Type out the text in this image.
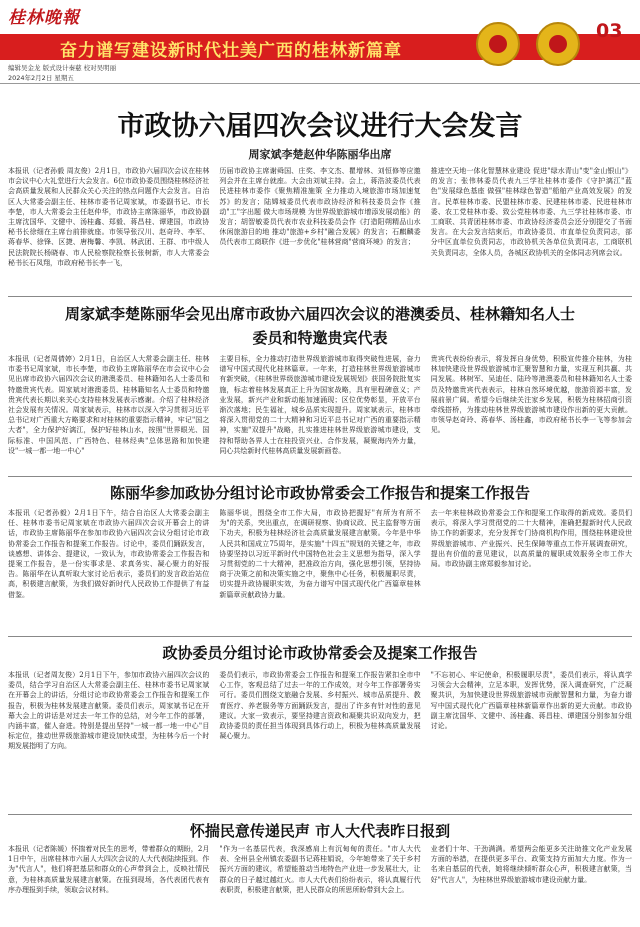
桂林晚報
奋力谱写建设新时代壮美广西的桂林新篇章
03
编辑吴金龙 版式设计秦慈 校对吴明丽
2024年2月2日 星期五
市政协六届四次会议进行大会发言
周家斌李楚赵仲华陈丽华出席
本报讯（记者孙毅 周友俊）2月1日，市政协六届四次会议在桂林市会议中心大礼堂进行大会发言。6位市政协委员围绕桂林经济社会高质量发展和人民群众关心关注的热点问题作大会发言。自治区人大常委会副主任、桂林市委书记周家斌，市委副书记、市长李楚，市人大常委会主任赵仲华，市政协主席陈丽华，市政协副主席沈国华、文健中、汤桂鑫、郑毅、蒋昌桂、谭建国，市政协秘书长徐细在主席台前排就座。市领导张汉川、赵奇玲、李军、蒋春华、徐锋、区捷、唐梅馨、李凯、林武团、王群、市中级人民法院院长杨晓春、市人民检察院检察长张树新，市人大常委会秘书长石凤翔，市政府秘书长李一飞，
历届市政协主席谢舜国、庄奖、李文杰、瞿增林、刘恒修等应邀列会并在主席台就座。大会由刘斌主持。会上，蒋浩波委员代表民进桂林市委作《聚焦精准施策 全力推动入境旅游市场加速复苏》的发言；陆嫦城委员代表市政协经济和科技委员会作《推动"工"字出题 做大市场规模 为世界级旅游城市增添发展动能》的发言；胡智敏委员代表市农业科技委员会作《打造阳朔精品山水休闲旅游目的地 推动"旅游+乡村"融合发展》的发言；石麒麟委员代表市工商联作《进一步优化"桂林营商"营商环境》的发言；
推进空天地一体化智慧林业建设 促进"绿水青山"变"金山银山"》的发言；张伟林委员代表九三学社桂林市委作《守护漓江"蓝色"发展绿色基座 做强"桂林绿色智造"船舶产业高效发展》的发言。民革桂林市委、民盟桂林市委、民建桂林市委、民进桂林市委、农工党桂林市委、致公党桂林市委、九三学社桂林市委、市工商联、共青团桂林市委、市政协经济委员会还分别提交了书面发言。在大会发言结束后，市政协委员、市直单位负责同志，部分中区直单位负责同志，市政协机关各单位负责同志，工商联机关负责同志，全体人员，各城区政协机关的全体同志列席会议。
周家斌李楚陈丽华会见出席市政协六届四次会议的港澳委员、桂林籍知名人士委员和特邀贵宾代表
本报讯（记者周倩婷）2月1日，自治区人大常委会副主任、桂林市委书记周家斌，市长李楚，市政协主席陈丽华在市会议中心会见出席市政协六届四次会议的港澳委员、桂林籍知名人士委员和特邀贵宾代表。周家斌对港澳委员、桂林籍知名人士委员和特邀贵宾代表长期以来关心支持桂林发展表示感谢。介绍了桂林经济社会发展有关情况。周家斌表示，桂林市以深入学习贯彻习近平总书记对广西重大方略要求和对桂林的重要指示精神，牢记"国之大者"，全力保护好漓江，保护好桂林山水，按照"世界眼光、国际标准、中国风范、广西特色、桂林经典"总体思路和加快建设"一城一都一地一中心"
主要目标，全力推动打造世界级旅游城市取得突破性进展，奋力谱写中国式现代化桂林篇章。一年来，打造桂林世界级旅游城市有新突破，《桂林世界级旅游城市建设发展规划》获国务院批复实施，标志着桂林发展真正上升为国家战略，具有里程碑意义；产业发展，新兴产业和新动能加速涌现；区位优势彰显，开放平台渐次落地；民生福祉，城乡品质实现提升。周家斌表示，桂林市将深入贯彻党的二十大精神和习近平总书记对广西的重要指示精神，实施"双提升"战略，扎实推进桂林世界级旅游城市建设，支持和帮助各界人士在桂投资兴业、合作发展，凝聚海内外力量，同心共绘新时代桂林高质量发展新画卷。
贵宾代表纷纷表示，将发挥自身优势，积极宣传推介桂林，为桂林加快建设世界级旅游城市汇聚智慧和力量，实现互利共赢、共同发展。林树军、吴迪任、陆玲等港澳委员和桂林籍知名人士委员及特邀贵宾代表表示，桂林自然环境优越，旅游资源丰富，发展前景广阔。希望今后继续关注家乡发展，积极为桂林招商引资牵线搭桥，为推动桂林世界级旅游城市建设作出新的更大贡献。市领导赵奇玲、蒋春华、汤桂鑫，市政府秘书长李一飞等参加会见。
陈丽华参加政协分组讨论市政协常委会工作报告和提案工作报告
本报讯（记者孙毅）2月1日下午，结合自治区人大常委会副主任、桂林市委书记周家斌在市政协六届四次会议开幕会上的讲话，市政协主席陈丽华在参加市政协六届四次会议分组讨论市政协常委会工作报告和提案工作报告。讨论中，委员们踊跃发言，谈感想、讲体会、提建议，一致认为，市政协常委会工作报告和提案工作报告，是一份实事求是、求真务实、凝心聚力的好报告。陈丽华在认真听取大家讨论后表示，委员们的发言政治站位高，积极建言献策，为我们做好新时代人民政协工作提供了有益借鉴。
陈丽华说，围绕全市工作大局，市政协把握好"有所为有所不为"的关系，突出重点，在调研视察、协商议政、民主监督等方面下功夫，积极为桂林经济社会高质量发展建言献策。今年是中华人民共和国成立75周年，是实施"十四五"规划的关键之年，市政协要坚持以习近平新时代中国特色社会主义思想为指导，深入学习贯彻党的二十大精神，把准政治方向，强化思想引领，坚持协商于决策之前和决策实施之中，聚焦中心任务，积极履职尽责，切实提升政协履职实效，为奋力谱写中国式现代化广西篇章桂林新篇章贡献政协力量。
去一年来桂林政协常委会工作和提案工作取得的新成效。委员们表示，将深入学习贯彻党的二十大精神，准确把握新时代人民政协工作的新要求，充分发挥专门协商机构作用，围绕桂林建设世界级旅游城市、产业振兴、民生保障等重点工作开展调查研究，提出有价值的意见建议，以高质量的履职成效服务全市工作大局。市政协副主席郑毅参加讨论。
政协委员分组讨论市政协常委会及提案工作报告
本报讯（记者周友俊）2月1日下午，参加市政协六届四次会议的委员，结合学习自治区人大常委会副主任、桂林市委书记周家斌在开幕会上的讲话，分组讨论市政协常委会工作报告和提案工作报告，积极为桂林发展建言献策。委员们表示，周家斌书记在开幕大会上的讲话是对过去一年工作的总结，对今年工作的部署，内涵丰富，催人奋进。特别是提出坚持"一城一都一地一中心"目标定位，推动世界级旅游城市建设加快成型，为桂林今后一个时期发展指明了方向。
委员们表示，市政协常委会工作报告和提案工作报告紧扣全市中心工作，客观总结了过去一年的工作成效，对今年工作部署务实可行。委员们围绕文旅融合发展、乡村振兴、城市品质提升、教育医疗、养老服务等方面踊跃发言，提出了许多有针对性的意见建议。大家一致表示，要坚持建言资政和凝聚共识双向发力，把政协委员的责任担当体现到具体行动上，积极为桂林高质量发展凝心聚力。
"不忘初心、牢记使命，积极履职尽责"，委员们表示，将认真学习领会大会精神，立足本职，发挥优势，深入调查研究，广泛凝聚共识，为加快建设世界级旅游城市贡献智慧和力量，为奋力谱写中国式现代化广西篇章桂林新篇章作出新的更大贡献。市政协副主席沈国华、文健中、汤桂鑫、蒋昌桂、谭建国分别参加分组讨论。
怀揣民意传递民声 市人大代表昨日报到
本报讯（记者陈媛）怀揣着对民生的思考，带着群众的期盼，2月1日中午，出席桂林市六届人大四次会议的人大代表陆续报到。作为"代言人"，他们将把基层和群众的心声带到会上，反映社情民意，为桂林高质量发展建言献策。在报到现场，各代表团代表有序办理报到手续，领取会议材料。
"作为一名基层代表，我深感肩上有沉甸甸的责任。"市人大代表、全州县全州镇农委副书记蒋桂娟说，今年她带来了关于乡村振兴方面的建议，希望能推动当地特色产业进一步发展壮大，让群众的日子越过越红火。市人大代表们纷纷表示，将认真履行代表职责，积极建言献策，把人民群众的所思所盼带到大会上。
业者们十年、干劲满满。希望两会能更多关注助推文化产业发展方面的举措，在提供更多平台、政策支持方面加大力度。作为一名来自基层的代表，她将继续倾听群众心声，积极建言献策，当好"代言人"，为桂林世界级旅游城市建设贡献力量。
